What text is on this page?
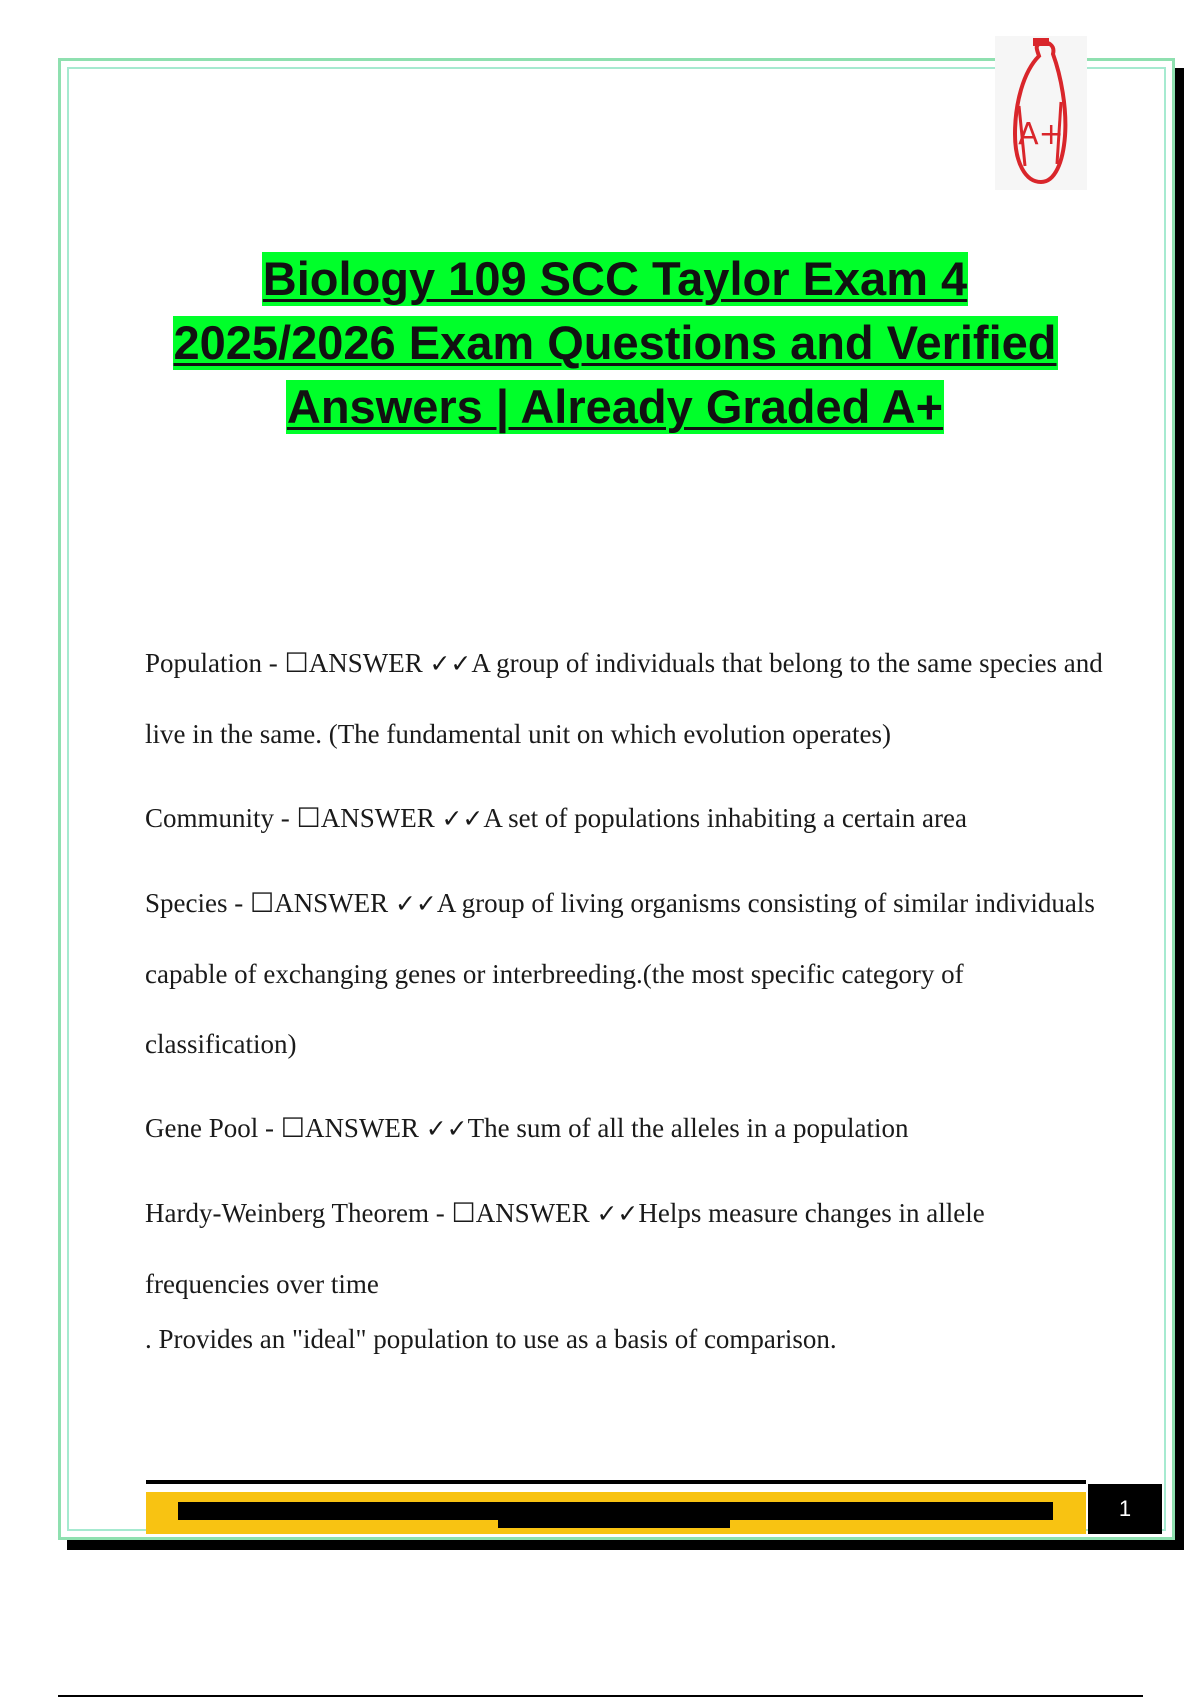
A+
Biology 109 SCC Taylor Exam 4
2025/2026 Exam Questions and Verified
Answers | Already Graded A+

Population - ☐ANSWER ✓✓A group of individuals that belong to the same species and live in the same. (The fundamental unit on which evolution operates)

Community - ☐ANSWER ✓✓A set of populations inhabiting a certain area

Species - ☐ANSWER ✓✓A group of living organisms consisting of similar individuals capable of exchanging genes or interbreeding.(the most specific category of classification)

Gene Pool - ☐ANSWER ✓✓The sum of all the alleles in a population

Hardy-Weinberg Theorem - ☐ANSWER ✓✓Helps measure changes in allele frequencies over time

. Provides an "ideal" population to use as a basis of comparison.

1
